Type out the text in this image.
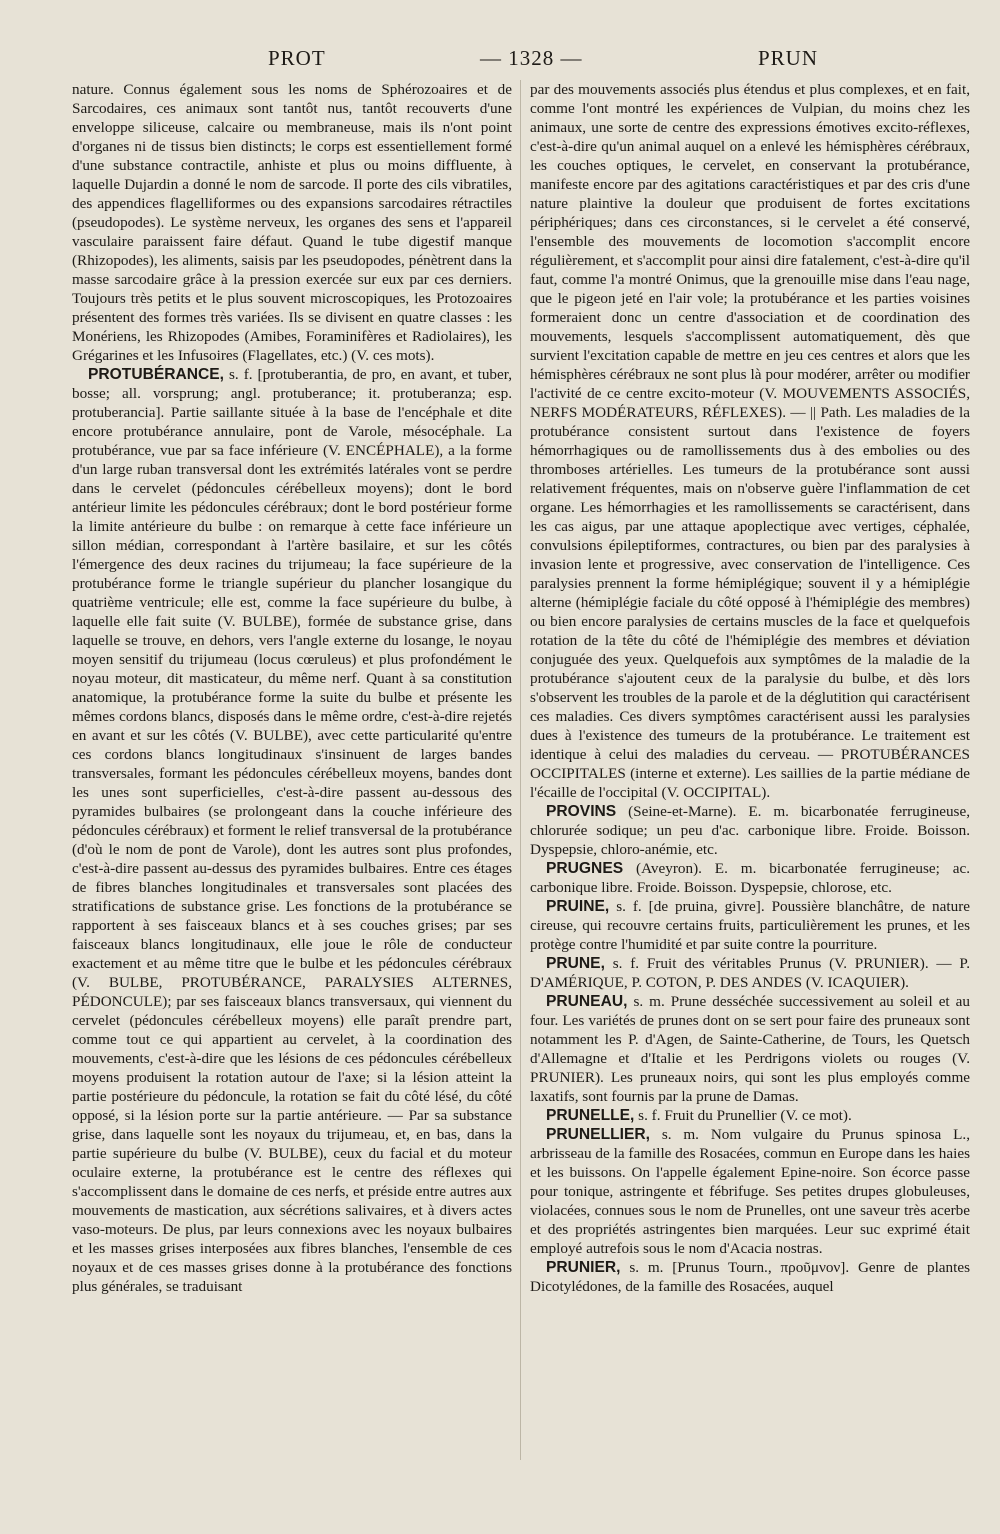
PROT	— 1328 —	PRUN

nature. Connus également sous les noms de Sphérozoaires et de Sarcodaires, ces animaux sont tantôt nus, tantôt recouverts d'une enveloppe siliceuse, calcaire ou membraneuse, mais ils n'ont point d'organes ni de tissus bien distincts; le corps est essentiellement formé d'une substance contractile, anhiste et plus ou moins diffluente, à laquelle Dujardin a donné le nom de sarcode. Il porte des cils vibratiles, des appendices flagelliformes ou des expansions sarcodaires rétractiles (pseudopodes). Le système nerveux, les organes des sens et l'appareil vasculaire paraissent faire défaut. Quand le tube digestif manque (Rhizopodes), les aliments, saisis par les pseudopodes, pénètrent dans la masse sarcodaire grâce à la pression exercée sur eux par ces derniers. Toujours très petits et le plus souvent microscopiques, les Protozoaires présentent des formes très variées. Ils se divisent en quatre classes : les Monériens, les Rhizopodes (Amibes, Foraminifères et Radiolaires), les Grégarines et les Infusoires (Flagellates, etc.) (V. ces mots).

PROTUBÉRANCE, s. f. [protuberantia, de pro, en avant, et tuber, bosse; all. vorsprung; angl. protuberance; it. protuberanza; esp. protuberancia]. Partie saillante située à la base de l'encéphale et dite encore protubérance annulaire, pont de Varole, mésocéphale. La protubérance, vue par sa face inférieure (V. ENCÉPHALE), a la forme d'un large ruban transversal dont les extrémités latérales vont se perdre dans le cervelet (pédoncules cérébelleux moyens); dont le bord antérieur limite les pédoncules cérébraux; dont le bord postérieur forme la limite antérieure du bulbe : on remarque à cette face inférieure un sillon médian, correspondant à l'artère basilaire, et sur les côtés l'émergence des deux racines du trijumeau; la face supérieure de la protubérance forme le triangle supérieur du plancher losangique du quatrième ventricule; elle est, comme la face supérieure du bulbe, à laquelle elle fait suite (V. BULBE), formée de substance grise, dans laquelle se trouve, en dehors, vers l'angle externe du losange, le noyau moyen sensitif du trijumeau (locus cœruleus) et plus profondément le noyau moteur, dit masticateur, du même nerf. Quant à sa constitution anatomique, la protubérance forme la suite du bulbe et présente les mêmes cordons blancs, disposés dans le même ordre, c'est-à-dire rejetés en avant et sur les côtés (V. BULBE), avec cette particularité qu'entre ces cordons blancs longitudinaux s'insinuent de larges bandes transversales, formant les pédoncules cérébelleux moyens, bandes dont les unes sont superficielles, c'est-à-dire passent au-dessous des pyramides bulbaires (se prolongeant dans la couche inférieure des pédoncules cérébraux) et forment le relief transversal de la protubérance (d'où le nom de pont de Varole), dont les autres sont plus profondes, c'est-à-dire passent au-dessus des pyramides bulbaires. Entre ces étages de fibres blanches longitudinales et transversales sont placées des stratifications de substance grise. Les fonctions de la protubérance se rapportent à ses faisceaux blancs et à ses couches grises; par ses faisceaux blancs longitudinaux, elle joue le rôle de conducteur exactement et au même titre que le bulbe et les pédoncules cérébraux (V. BULBE, PROTUBÉRANCE, PARALYSIES ALTERNES, PÉDONCULE); par ses faisceaux blancs transversaux, qui viennent du cervelet (pédoncules cérébelleux moyens) elle paraît prendre part, comme tout ce qui appartient au cervelet, à la coordination des mouvements, c'est-à-dire que les lésions de ces pédoncules cérébelleux moyens produisent la rotation autour de l'axe; si la lésion atteint la partie postérieure du pédoncule, la rotation se fait du côté lésé, du côté opposé, si la lésion porte sur la partie antérieure. — Par sa substance grise, dans laquelle sont les noyaux du trijumeau, et, en bas, dans la partie supérieure du bulbe (V. BULBE), ceux du facial et du moteur oculaire externe, la protubérance est le centre des réflexes qui s'accomplissent dans le domaine de ces nerfs, et préside entre autres aux mouvements de mastication, aux sécrétions salivaires, et à divers actes vaso-moteurs. De plus, par leurs connexions avec les noyaux bulbaires et les masses grises interposées aux fibres blanches, l'ensemble de ces noyaux et de ces masses grises donne à la protubérance des fonctions plus générales, se traduisant

par des mouvements associés plus étendus et plus complexes, et en fait, comme l'ont montré les expériences de Vulpian, du moins chez les animaux, une sorte de centre des expressions émotives excito-réflexes, c'est-à-dire qu'un animal auquel on a enlevé les hémisphères cérébraux, les couches optiques, le cervelet, en conservant la protubérance, manifeste encore par des agitations caractéristiques et par des cris d'une nature plaintive la douleur que produisent de fortes excitations périphériques; dans ces circonstances, si le cervelet a été conservé, l'ensemble des mouvements de locomotion s'accomplit encore régulièrement, et s'accomplit pour ainsi dire fatalement, c'est-à-dire qu'il faut, comme l'a montré Onimus, que la grenouille mise dans l'eau nage, que le pigeon jeté en l'air vole; la protubérance et les parties voisines formeraient donc un centre d'association et de coordination des mouvements, lesquels s'accomplissent automatiquement, dès que survient l'excitation capable de mettre en jeu ces centres et alors que les hémisphères cérébraux ne sont plus là pour modérer, arrêter ou modifier l'activité de ce centre excito-moteur (V. MOUVEMENTS ASSOCIÉS, NERFS MODÉRATEURS, RÉFLEXES). — || Path. Les maladies de la protubérance consistent surtout dans l'existence de foyers hémorrhagiques ou de ramollissements dus à des embolies ou des thromboses artérielles. Les tumeurs de la protubérance sont aussi relativement fréquentes, mais on n'observe guère l'inflammation de cet organe. Les hémorrhagies et les ramollissements se caractérisent, dans les cas aigus, par une attaque apoplectique avec vertiges, céphalée, convulsions épileptiformes, contractures, ou bien par des paralysies à invasion lente et progressive, avec conservation de l'intelligence. Ces paralysies prennent la forme hémiplégique; souvent il y a hémiplégie alterne (hémiplégie faciale du côté opposé à l'hémiplégie des membres) ou bien encore paralysies de certains muscles de la face et quelquefois rotation de la tête du côté de l'hémiplégie des membres et déviation conjuguée des yeux. Quelquefois aux symptômes de la maladie de la protubérance s'ajoutent ceux de la paralysie du bulbe, et dès lors s'observent les troubles de la parole et de la déglutition qui caractérisent ces maladies. Ces divers symptômes caractérisent aussi les paralysies dues à l'existence des tumeurs de la protubérance. Le traitement est identique à celui des maladies du cerveau. — PROTUBÉRANCES OCCIPITALES (interne et externe). Les saillies de la partie médiane de l'écaille de l'occipital (V. OCCIPITAL).

PROVINS (Seine-et-Marne). E. m. bicarbonatée ferrugineuse, chlorurée sodique; un peu d'ac. carbonique libre. Froide. Boisson. Dyspepsie, chloro-anémie, etc.

PRUGNES (Aveyron). E. m. bicarbonatée ferrugineuse; ac. carbonique libre. Froide. Boisson. Dyspepsie, chlorose, etc.

PRUINE, s. f. [de pruina, givre]. Poussière blanchâtre, de nature cireuse, qui recouvre certains fruits, particulièrement les prunes, et les protège contre l'humidité et par suite contre la pourriture.

PRUNE, s. f. Fruit des véritables Prunus (V. PRUNIER). — P. D'AMÉRIQUE, P. COTON, P. DES ANDES (V. ICAQUIER).

PRUNEAU, s. m. Prune desséchée successivement au soleil et au four. Les variétés de prunes dont on se sert pour faire des pruneaux sont notamment les P. d'Agen, de Sainte-Catherine, de Tours, les Quetsch d'Allemagne et d'Italie et les Perdrigons violets ou rouges (V. PRUNIER). Les pruneaux noirs, qui sont les plus employés comme laxatifs, sont fournis par la prune de Damas.

PRUNELLE, s. f. Fruit du Prunellier (V. ce mot).

PRUNELLIER, s. m. Nom vulgaire du Prunus spinosa L., arbrisseau de la famille des Rosacées, commun en Europe dans les haies et les buissons. On l'appelle également Epine-noire. Son écorce passe pour tonique, astringente et fébrifuge. Ses petites drupes globuleuses, violacées, connues sous le nom de Prunelles, ont une saveur très acerbe et des propriétés astringentes bien marquées. Leur suc exprimé était employé autrefois sous le nom d'Acacia nostras.

PRUNIER, s. m. [Prunus Tourn., προῦμνον]. Genre de plantes Dicotylédones, de la famille des Rosacées, auquel
